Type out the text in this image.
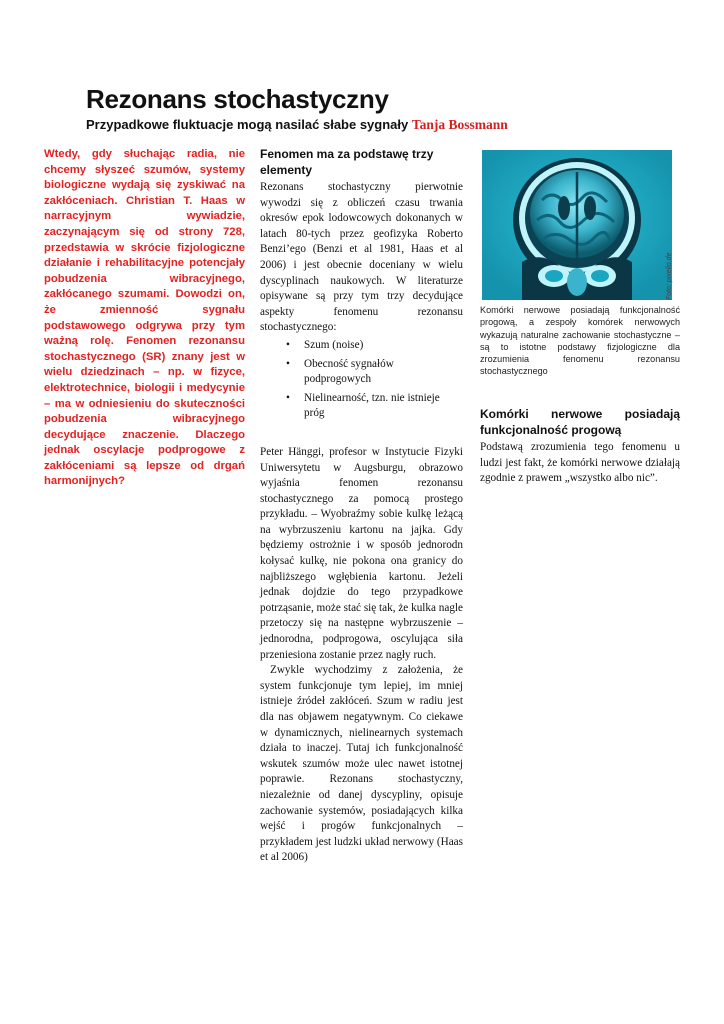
Rezonans stochastyczny
Przypadkowe fluktuacje mogą nasilać słabe sygnały Tanja Bossmann

Wtedy, gdy słuchając radia, nie chcemy słyszeć szumów, systemy biologiczne wydają się zyskiwać na zakłóceniach. Christian T. Haas w narracyjnym wywiadzie, zaczynającym się od strony 728, przedstawia w skrócie fizjologiczne działanie i rehabilitacyjne potencjały pobudzenia wibracyjnego, zakłócanego szumami. Dowodzi on, że zmienność sygnału podstawowego odgrywa przy tym ważną rolę. Fenomen rezonansu stochastycznego (SR) znany jest w wielu dziedzinach – np. w fizyce, elektrotechnice, biologii i medycynie – ma w odniesieniu do skuteczności pobudzenia wibracyjnego decydujące znaczenie. Dlaczego jednak oscylacje podprogowe z zakłóceniami są lepsze od drgań harmonijnych?

Fenomen ma za podstawę trzy elementy

Rezonans stochastyczny pierwotnie wywodzi się z obliczeń czasu trwania okresów epok lodowcowych dokonanych w latach 80-tych przez geofizyka Roberto Benzi’ego (Benzi et al 1981, Haas et al 2006) i jest obecnie doceniany w wielu dyscyplinach naukowych. W literaturze opisywane są przy tym trzy decydujące aspekty fenomenu rezonansu stochastycznego:

• Szum (noise)
• Obecność sygnałów podprogowych
• Nielinearność, tzn. nie istnieje próg

Peter Hänggi, profesor w Instytucie Fizyki Uniwersytetu w Augsburgu, obrazowo wyjaśnia fenomen rezonansu stochastycznego za pomocą prostego przykładu. – Wyobraźmy sobie kulkę leżącą na wybrzuszeniu kartonu na jajka. Gdy będziemy ostrożnie i w sposób jednorodn kołysać kulkę, nie pokona ona granicy do najbliższego wgłębienia kartonu. Jeżeli jednak dojdzie do tego przypadkowe potrząsanie, może stać się tak, że kulka nagle przetoczy się na następne wybrzuszenie – jednorodna, podprogowa, oscylująca siła przeniesiona zostanie przez nagły ruch.

Zwykle wychodzimy z założenia, że system funkcjonuje tym lepiej, im mniej istnieje źródeł zakłóceń. Szum w radiu jest dla nas objawem negatywnym. Co ciekawe w dynamicznych, nielinearnych systemach działa to inaczej. Tutaj ich funkcjonalność wskutek szumów może ulec nawet istotnej poprawie. Rezonans stochastyczny, niezależnie od danej dyscypliny, opisuje zachowanie systemów, posiadających kilka wejść i progów funkcjonalnych – przykładem jest ludzki układ nerwowy (Haas et al 2006)

Foto: pixelio.de

Komórki nerwowe posiadają funkcjonalność progową, a zespoły komórek nerwowych wykazują naturalne zachowanie stochastyczne – są to istotne podstawy fizjologiczne dla zrozumienia fenomenu rezonansu stochastycznego

Komórki nerwowe posiadają funkcjonalność progową

Podstawą zrozumienia tego fenomenu u ludzi jest fakt, że komórki nerwowe działają zgodnie z prawem „wszystko albo nic”.
